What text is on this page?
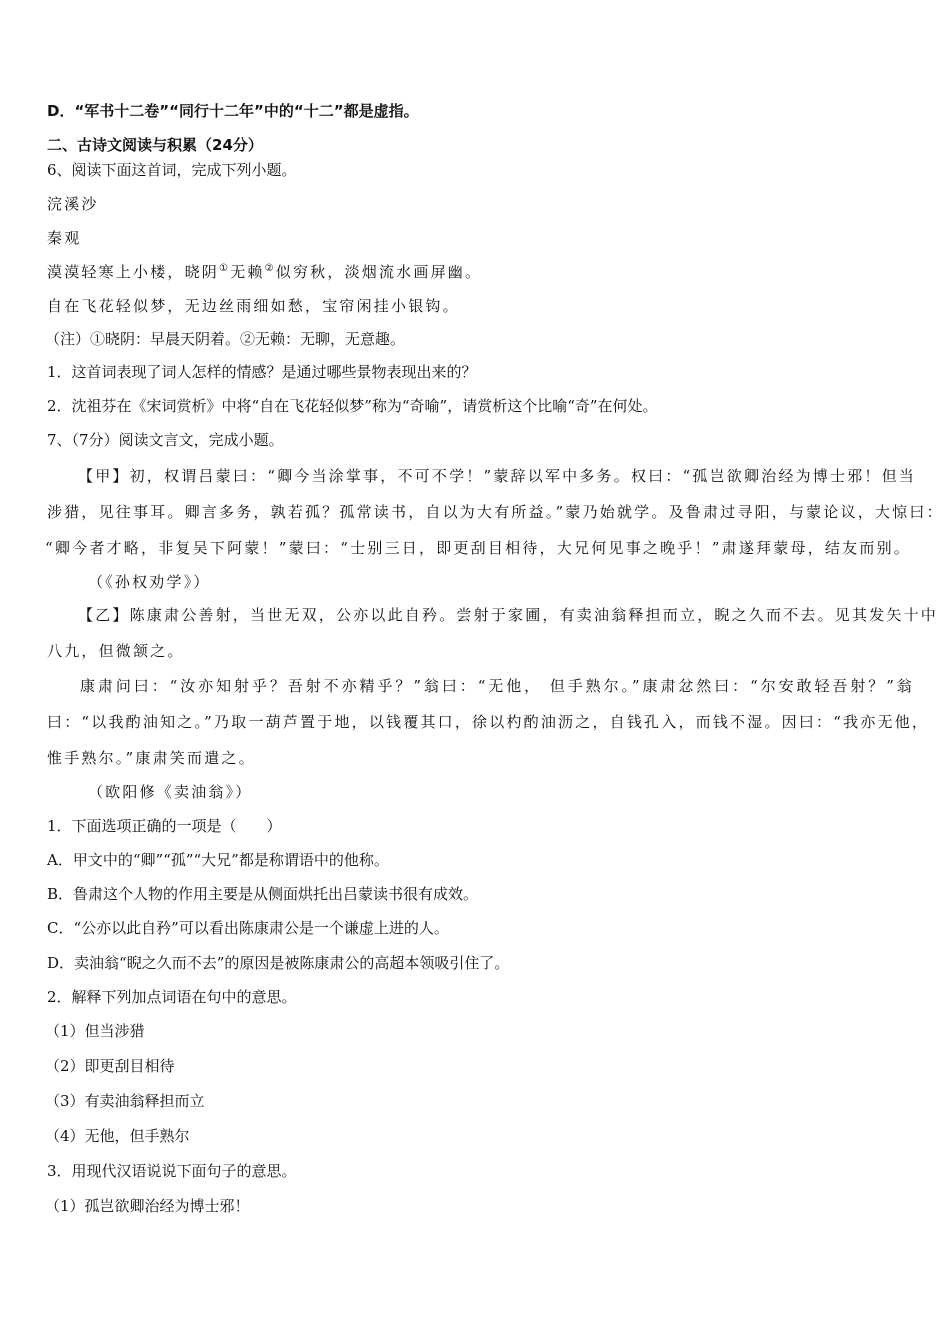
D．“军书十二卷”“同行十二年”中的“十二”都是虚指。
二、古诗文阅读与积累（24分）
6、阅读下面这首词，完成下列小题。
浣溪沙
秦观
漠漠轻寒上小楼，晓阴①无赖②似穷秋，淡烟流水画屏幽。
自在飞花轻似梦，无边丝雨细如愁，宝帘闲挂小银钩。
（注）①晓阴：早晨天阴着。②无赖：无聊，无意趣。
1．这首词表现了词人怎样的情感？是通过哪些景物表现出来的？
2．沈祖芬在《宋词赏析》中将“自在飞花轻似梦”称为“奇喻”，请赏析这个比喻“奇”在何处。
7、（7分）阅读文言文，完成小题。
【甲】初，权谓吕蒙曰：“卿今当涂掌事，不可不学！”蒙辞以军中多务。权曰：“孤岂欲卿治经为博士邪！但当
涉猎，见往事耳。卿言多务，孰若孤？孤常读书，自以为大有所益。”蒙乃始就学。及鲁肃过寻阳，与蒙论议，大惊曰：
“卿今者才略，非复吴下阿蒙！”蒙曰：“士别三日，即更刮目相待，大兄何见事之晚乎！”肃遂拜蒙母，结友而别。
（《孙权劝学》）
【乙】陈康肃公善射，当世无双，公亦以此自矜。尝射于家圃，有卖油翁释担而立，睨之久而不去。见其发矢十中
八九，但微颔之。
康肃问曰：“汝亦知射乎？吾射不亦精乎？”翁曰：“无他， 但手熟尔。”康肃忿然曰：“尔安敢轻吾射？”翁
曰：“以我酌油知之。”乃取一葫芦置于地，以钱覆其口，徐以杓酌油沥之，自钱孔入，而钱不湿。因曰：“我亦无他，
惟手熟尔。”康肃笑而遣之。
（欧阳修《卖油翁》）
1．下面选项正确的一项是（　　）
A．甲文中的“卿”“孤”“大兄”都是称谓语中的他称。
B．鲁肃这个人物的作用主要是从侧面烘托出吕蒙读书很有成效。
C．“公亦以此自矜”可以看出陈康肃公是一个谦虚上进的人。
D．卖油翁“睨之久而不去”的原因是被陈康肃公的高超本领吸引住了。
2．解释下列加点词语在句中的意思。
（1）但当涉猎
（2）即更刮目相待
（3）有卖油翁释担而立
（4）无他，但手熟尔
3．用现代汉语说说下面句子的意思。
（1）孤岂欲卿治经为博士邪！
